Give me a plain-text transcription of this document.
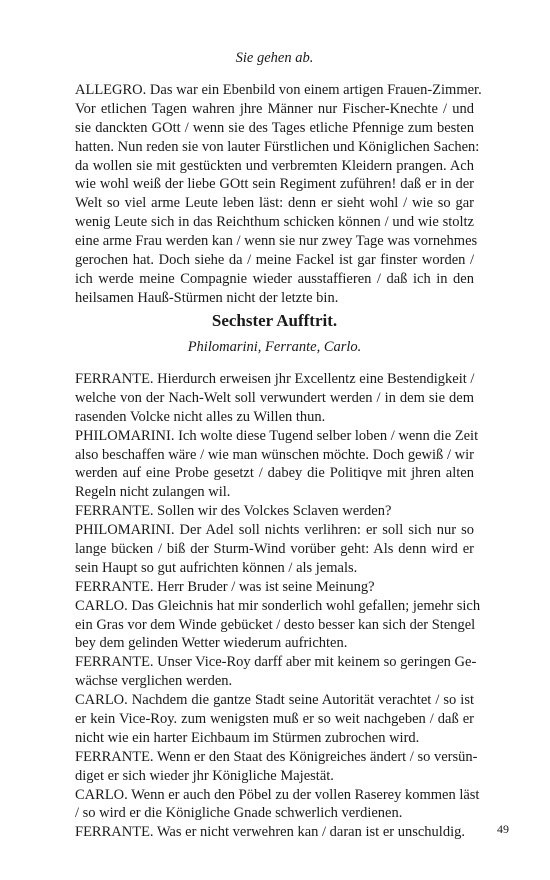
Sie gehen ab.
ALLEGRO. Das war ein Ebenbild von einem artigen Frauen-Zimmer.
Vor etlichen Tagen wahren jhre Männer nur Fischer-Knechte / und
sie danckten GOtt / wenn sie des Tages etliche Pfennige zum besten
hatten. Nun reden sie von lauter Fürstlichen und Königlichen Sachen:
da wollen sie mit gestückten und verbremten Kleidern prangen. Ach
wie wohl weiß der liebe GOtt sein Regiment zuführen! daß er in der
Welt so viel arme Leute leben läst: denn er sieht wohl / wie so gar
wenig Leute sich in das Reichthum schicken können / und wie stoltz
eine arme Frau werden kan / wenn sie nur zwey Tage was vornehmes
gerochen hat. Doch siehe da / meine Fackel ist gar finster worden /
ich werde meine Compagnie wieder ausstaffieren / daß ich in den
heilsamen Hauß-Stürmen nicht der letzte bin.
Sechster Aufftrit.
Philomarini, Ferrante, Carlo.
FERRANTE. Hierdurch erweisen jhr Excellentz eine Bestendigkeit /
welche von der Nach-Welt soll verwundert werden / in dem sie dem
rasenden Volcke nicht alles zu Willen thun.
PHILOMARINI. Ich wolte diese Tugend selber loben / wenn die Zeit
also beschaffen wäre / wie man wünschen möchte. Doch gewiß / wir
werden auf eine Probe gesetzt / dabey die Politiqve mit jhren alten
Regeln nicht zulangen wil.
FERRANTE. Sollen wir des Volckes Sclaven werden?
PHILOMARINI. Der Adel soll nichts verlihren: er soll sich nur so
lange bücken / biß der Sturm-Wind vorüber geht: Als denn wird er
sein Haupt so gut aufrichten können / als jemals.
FERRANTE. Herr Bruder / was ist seine Meinung?
CARLO. Das Gleichnis hat mir sonderlich wohl gefallen; jemehr sich
ein Gras vor dem Winde gebücket / desto besser kan sich der Stengel
bey dem gelinden Wetter wiederum aufrichten.
FERRANTE. Unser Vice-Roy darff aber mit keinem so geringen Ge-
wächse verglichen werden.
CARLO. Nachdem die gantze Stadt seine Autorität verachtet / so ist
er kein Vice-Roy. zum wenigsten muß er so weit nachgeben / daß er
nicht wie ein harter Eichbaum im Stürmen zubrochen wird.
FERRANTE. Wenn er den Staat des Königreiches ändert / so versün-
diget er sich wieder jhr Königliche Majestät.
CARLO. Wenn er auch den Pöbel zu der vollen Raserey kommen läst
/ so wird er die Königliche Gnade schwerlich verdienen.
FERRANTE. Was er nicht verwehren kan / daran ist er unschuldig.	49
